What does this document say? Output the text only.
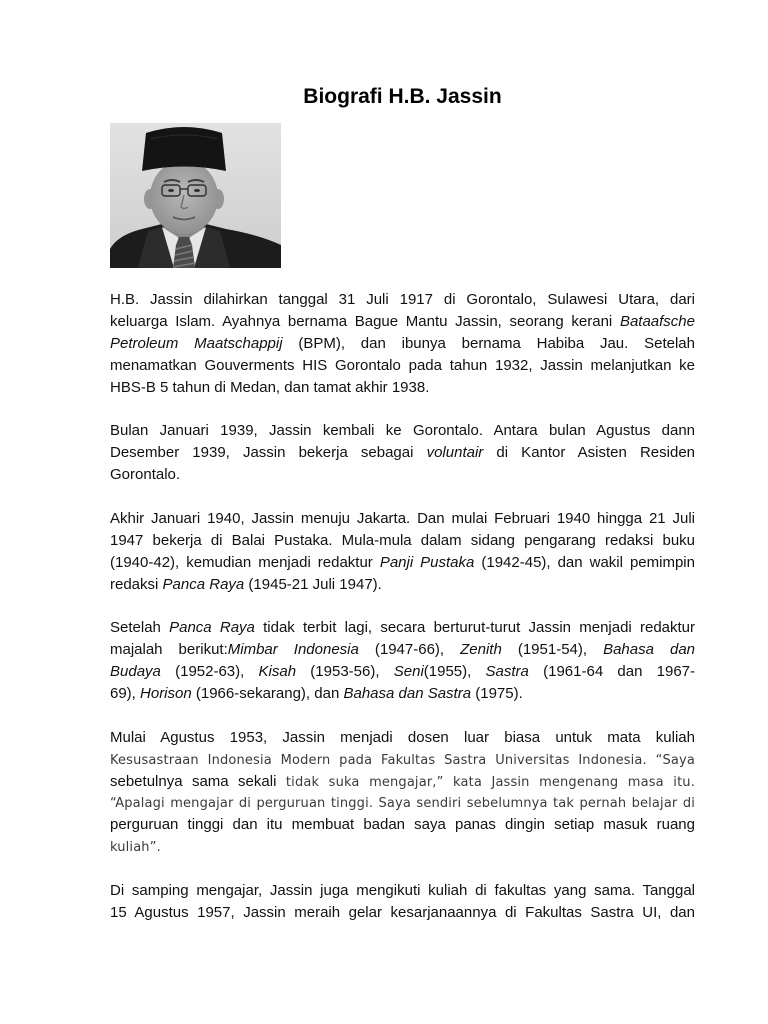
Biografi H.B. Jassin
H.B. Jassin dilahirkan tanggal 31 Juli 1917 di Gorontalo, Sulawesi Utara, dari
keluarga Islam. Ayahnya bernama Bague Mantu Jassin, seorang kerani Bataafsche
Petroleum Maatschappij (BPM), dan ibunya bernama Habiba Jau. Setelah
menamatkan Gouverments HIS Gorontalo pada tahun 1932, Jassin melanjutkan ke
HBS-B 5 tahun di Medan, dan tamat akhir 1938.
Bulan Januari 1939, Jassin kembali ke Gorontalo. Antara bulan Agustus dann
Desember 1939, Jassin bekerja sebagai voluntair di Kantor Asisten Residen
Gorontalo.
Akhir Januari 1940, Jassin menuju Jakarta. Dan mulai Februari 1940 hingga 21 Juli
1947 bekerja di Balai Pustaka. Mula-mula dalam sidang pengarang redaksi buku
(1940-42), kemudian menjadi redaktur Panji Pustaka (1942-45), dan wakil pemimpin
redaksi Panca Raya (1945-21 Juli 1947).
Setelah Panca Raya tidak terbit lagi, secara berturut-turut Jassin menjadi redaktur
majalah berikut:Mimbar Indonesia (1947-66), Zenith (1951-54), Bahasa dan
Budaya (1952-63), Kisah (1953-56), Seni(1955), Sastra (1961-64 dan 1967-
69), Horison (1966-sekarang), dan Bahasa dan Sastra (1975).
Mulai Agustus 1953, Jassin menjadi dosen luar biasa untuk mata kuliah
Kesusastraan Indonesia Modern pada Fakultas Sastra Universitas Indonesia. “Saya
sebetulnya sama sekali tidak suka mengajar,” kata Jassin mengenang masa itu.
“Apalagi mengajar di perguruan tinggi. Saya sendiri sebelumnya tak pernah belajar di
perguruan tinggi dan itu membuat badan saya panas dingin setiap masuk ruang
kuliah”.
Di samping mengajar, Jassin juga mengikuti kuliah di fakultas yang sama. Tanggal
15 Agustus 1957, Jassin meraih gelar kesarjanaannya di Fakultas Sastra UI, dan
